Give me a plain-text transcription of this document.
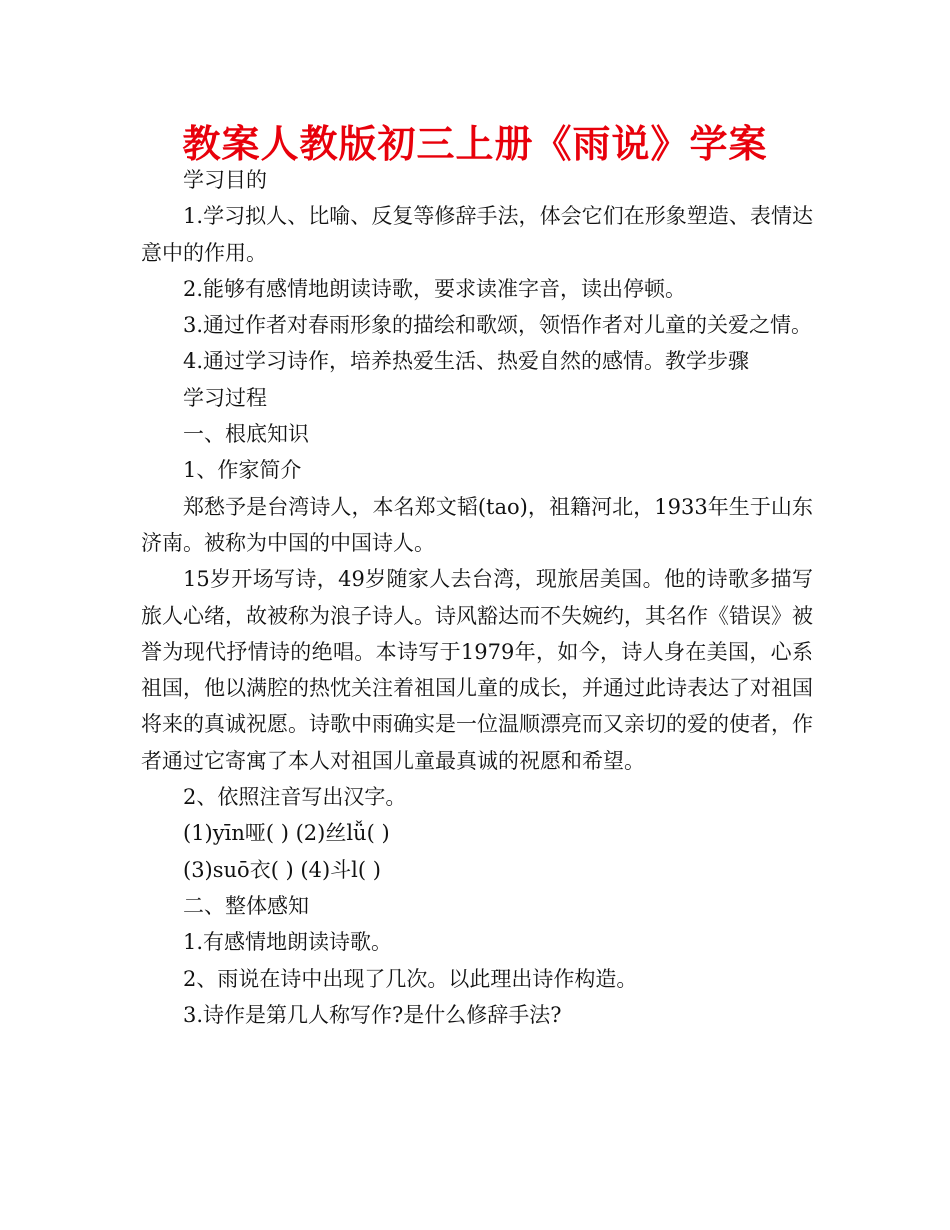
教案人教版初三上册《雨说》学案

学习目的

1.学习拟人、比喻、反复等修辞手法，体会它们在形象塑造、表情达意中的作用。

2.能够有感情地朗读诗歌，要求读准字音，读出停顿。

3.通过作者对春雨形象的描绘和歌颂，领悟作者对儿童的关爱之情。

4.通过学习诗作，培养热爱生活、热爱自然的感情。教学步骤

学习过程

一、根底知识

1、作家简介

郑愁予是台湾诗人，本名郑文韬(tao)，祖籍河北，1933年生于山东济南。被称为中国的中国诗人。

15岁开场写诗，49岁随家人去台湾，现旅居美国。他的诗歌多描写旅人心绪，故被称为浪子诗人。诗风豁达而不失婉约，其名作《错误》被誉为现代抒情诗的绝唱。本诗写于1979年，如今，诗人身在美国，心系祖国，他以满腔的热忱关注着祖国儿童的成长，并通过此诗表达了对祖国将来的真诚祝愿。诗歌中雨确实是一位温顺漂亮而又亲切的爱的使者，作者通过它寄寓了本人对祖国儿童最真诚的祝愿和希望。

2、依照注音写出汉字。

(1)yīn哑( ) (2)丝lǚ( )

(3)suō衣( ) (4)斗l( )

二、整体感知

1.有感情地朗读诗歌。

2、雨说在诗中出现了几次。以此理出诗作构造。

3.诗作是第几人称写作?是什么修辞手法?
